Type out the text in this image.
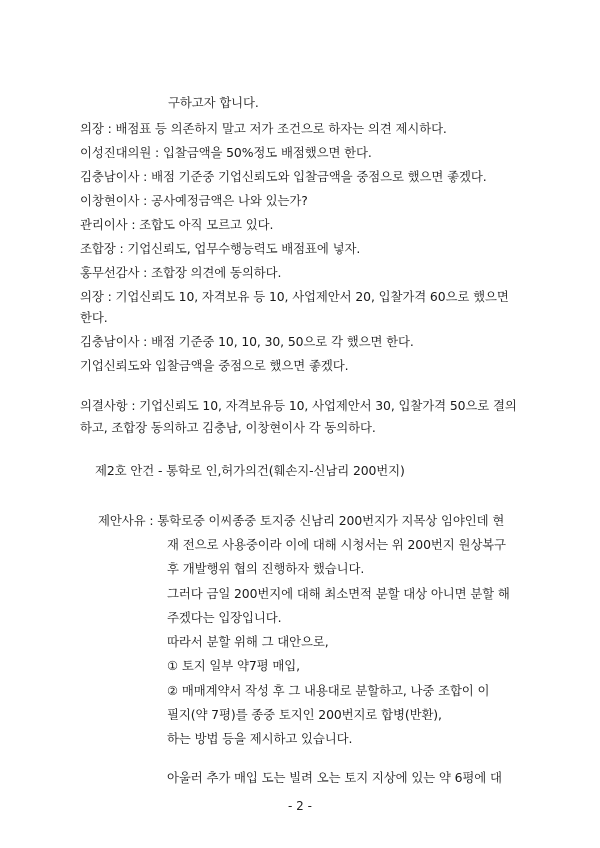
구하고자 합니다.
의장 : 배점표 등 의존하지 말고 저가 조건으로 하자는 의견 제시하다.
이성진대의원 : 입찰금액을 50%정도 배점했으면 한다.
김충남이사 : 배점 기준중 기업신뢰도와 입찰금액을 중점으로 했으면 좋겠다.
이창현이사 : 공사예정금액은 나와 있는가?
관리이사 : 조합도 아직 모르고 있다.
조합장 : 기업신뢰도, 업무수행능력도 배점표에 넣자.
홍무선감사 : 조합장 의견에 동의하다.
의장 : 기업신뢰도 10, 자격보유 등 10, 사업제안서 20, 입찰가격 60으로 했으면
한다.
김충남이사 : 배점 기준중 10, 10, 30, 50으로 각 했으면 한다.
기업신뢰도와 입찰금액을 중점으로 했으면 좋겠다.
의결사항 : 기업신뢰도 10, 자격보유등 10, 사업제안서 30, 입찰가격 50으로 결의
하고, 조합장 동의하고 김충남, 이창현이사 각 동의하다.
제2호 안건 - 통학로 인,허가의건(훼손지-신남리 200번지)
제안사유 : 통학로중 이씨종중 토지중 신남리 200번지가 지목상 임야인데 현
재 전으로 사용중이라 이에 대해 시청서는 위 200번지 원상복구
후 개발행위 협의 진행하자 했습니다.
그러다 금일 200번지에 대해 최소면적 분할 대상 아니면 분할 해
주겠다는 입장입니다.
따라서 분할 위해 그 대안으로,
① 토지 일부 약7평 매입,
② 매매계약서 작성 후 그 내용대로 분할하고, 나중 조합이 이
필지(약 7평)를 종중 토지인 200번지로 합병(반환),
하는 방법 등을 제시하고 있습니다.
아울러 추가 매입 도는 빌려 오는 토지 지상에 있는 약 6평에 대
- 2 -
